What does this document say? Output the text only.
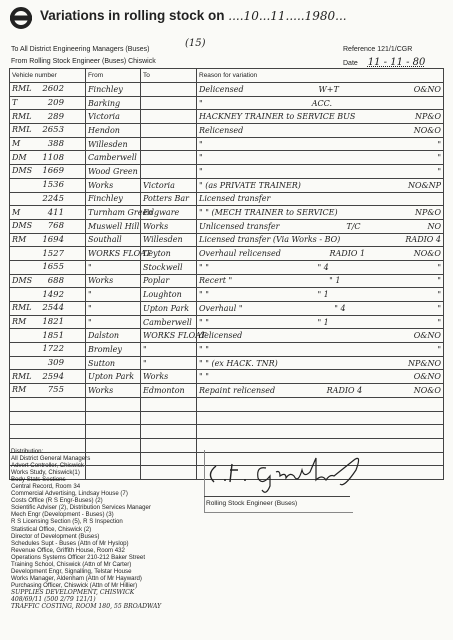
Variations in rolling stock on ....10...11.....1980...
To All District Engineering Managers (Buses)
From Rolling Stock Engineer (Buses) Chiswick
(15)
Reference 121/1/CGR
Date 11 - 11 - 80
Vehicle number	From	To	Reason for variation
RML 2602	Finchley		Delicensed W+T O&NO

T 209	Barking		" ACC.

RML 289	Victoria		HACKNEY TRAINER to SERVICE BUS NP&O

RML 2653	Hendon		Relicensed NO&O

M 388	Willesden		" "

DM 1108	Camberwell		" "

DMS 1669	Wood Green		" "

1536	Works	Victoria	" (as PRIVATE TRAINER) NO&NP

2245	Finchley	Potters Bar	Licensed transfer

M 411	Turnham Green	Edgware	" " (MECH TRAINER to SERVICE) NP&O

DMS 768	Muswell Hill	Works	Unlicensed transfer T/C NO

RM 1694	Southall	Willesden	Licensed transfer (Via Works - BO) RADIO 4

1527	WORKS FLOAT	Leyton	Overhaul relicensed RADIO 1 NO&O

1655	"	Stockwell	" " " 4 "

DMS 688	Works	Poplar	Recert " " 1 "

1492	"	Loughton	" " " 1 "

RML 2544	"	Upton Park	Overhaul " " 4 "

RM 1821	"	Camberwell	" " " 1 "

1851	Dalston	WORKS FLOAT	delicensed O&NO

1722	Bromley	"	" " "

309	Sutton	"	" " (ex HACK. TNR) NP&NO

RML 2594	Upton Park	Works	" " O&NO

RM 755	Works	Edmonton	Repaint relicensed RADIO 4 NO&O

Distribution:
All District General Managers
Advert Controller, Chiswick
Works Study, Chiswick(1)
Body Stats Sections
Central Record, Room 34
Commercial Advertising, Lindsay House (7)
Costs Office (R S Engr-Buses) (2)
Scientific Adviser (2), Distribution Services Manager
Mech Engr (Development - Buses) (3)
R S Licensing Section (5), R S Inspection
Statistical Office, Chiswick (2)
Director of Development (Buses)
Schedules Supt - Buses (Attn of Mr Hyslop)
Revenue Office, Griffith House, Room 432
Operations Systems Officer 210-212 Baker Street
Training School, Chiswick (Attn of Mr Carter)
Development Engr, Signalling, Telstar House
Works Manager, Aldenham (Attn of Mr Hayward)
Purchasing Officer, Chiswick (Attn of Mr Hillier)
SUPPLIES DEVELOPMENT, CHISWICK
408/69/11 (500 2/79 121/1)
TRAFFIC COSTING, ROOM 180, 55 BROADWAY
Rolling Stock Engineer (Buses)
